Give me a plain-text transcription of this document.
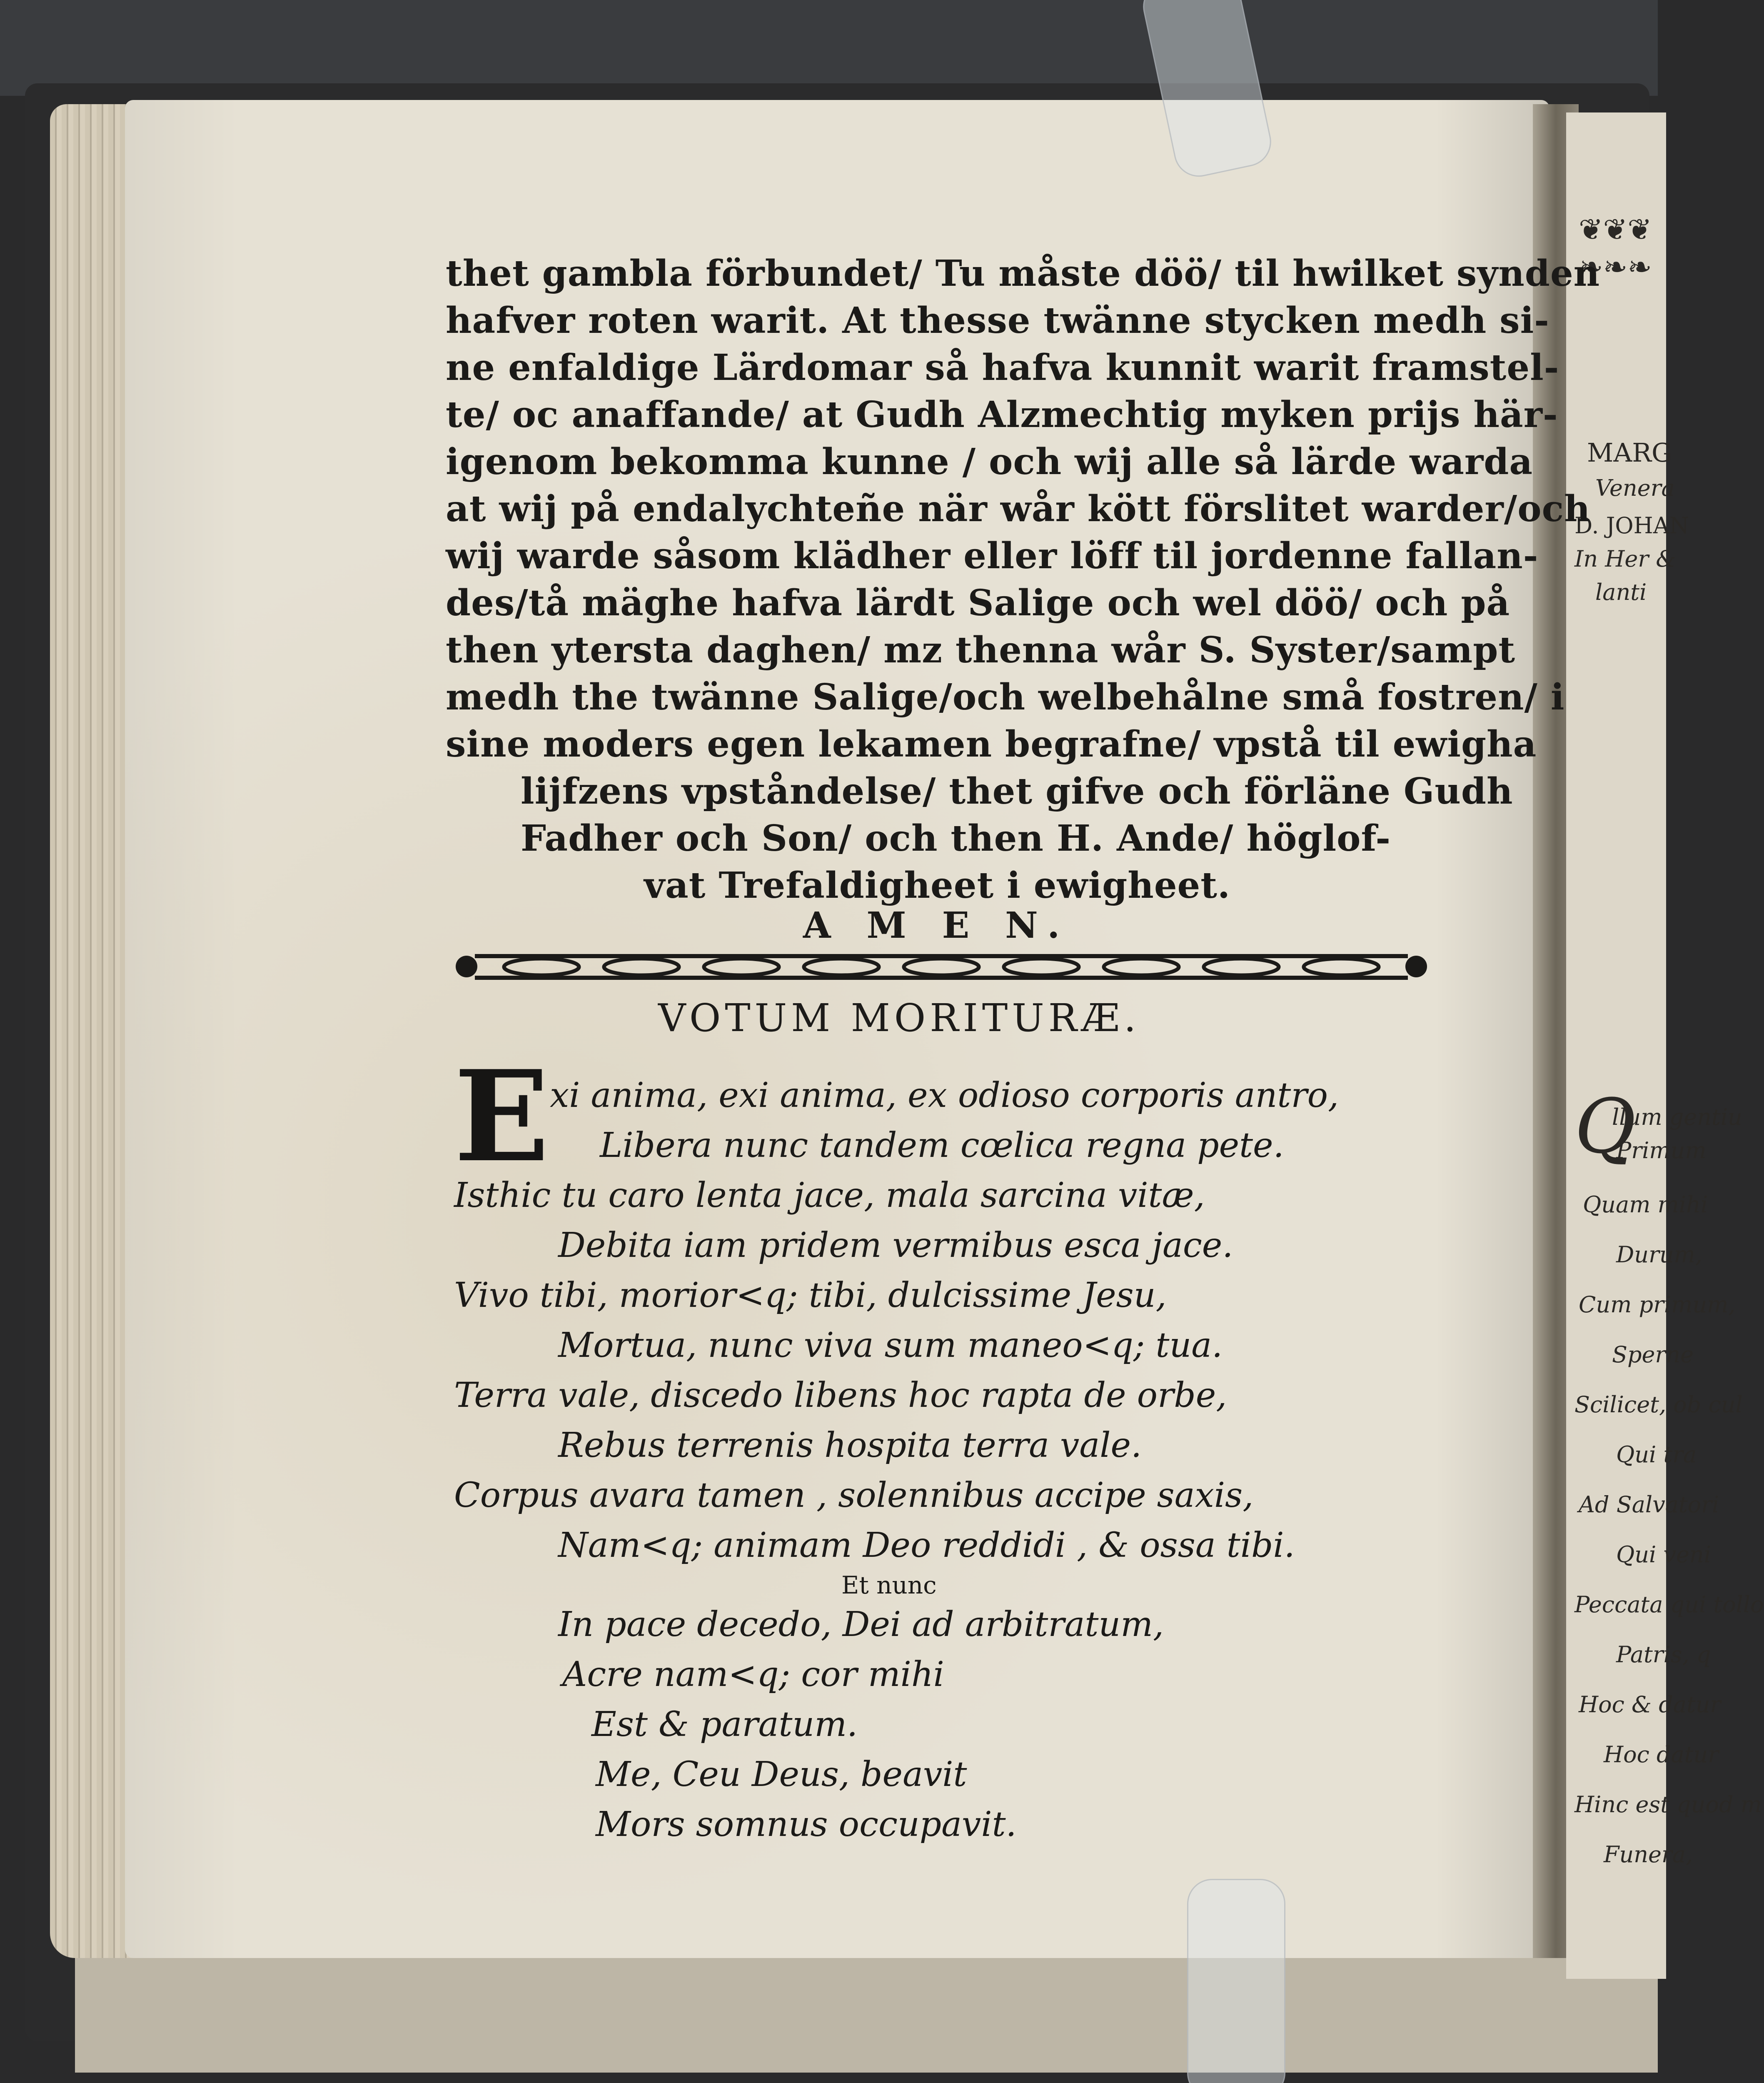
❦❦❦
❧❧❧
MARG
Venera
D. JOHAN
In Her &
lanti
Q
llum gentiu
Primum
Quam mihi
Durum,
Cum primum,
Sperne
Scilicet, ob cul
Qui tra
Ad Salvatori
Qui veni
Peccata qui tollo
Patris, q
Hoc & datur
Hoc datur
Hinc est quod m
Funera,
thet gambla förbundet/ Tu måste döö/ til hwilket synden
hafver roten warit. At thesse twänne stycken medh si-
ne enfaldige Lärdomar så hafva kunnit warit framstel-
te/ oc anaffande/ at Gudh Alzmechtig myken prijs här-
igenom bekomma kunne / och wij alle så lärde warda
at wij på endalychteñe när wår kött förslitet warder/och
wij warde såsom klädher eller löff til jordenne fallan-
des/tå mäghe hafva lärdt Salige och wel döö/ och på
then ytersta daghen/ mz thenna wår S. Syster/sampt
medh the twänne Salige/och welbehålne små fostren/ i
sine moders egen lekamen begrafne/ vpstå til ewigha
lijfzens vpståndelse/ thet gifve och förläne Gudh
Fadher och Son/ och then H. Ande/ höglof-
vat Trefaldigheet i ewigheet.
A M E N.
VOTUM MORITURÆ.
E xi anima, exi anima, ex odioso corporis antro,
Libera nunc tandem cœlica regna pete.
Isthic tu caro lenta jace, mala sarcina vitæ,
Debita iam pridem vermibus esca jace.
Vivo tibi, morior<q; tibi, dulcissime Jesu,
Mortua, nunc viva sum maneo<q; tua.
Terra vale, discedo libens hoc rapta de orbe,
Rebus terrenis hospita terra vale.
Corpus avara tamen , solennibus accipe saxis,
Nam<q; animam Deo reddidi , & ossa tibi.
Et nunc
In pace decedo, Dei ad arbitratum,
Acre nam<q; cor mihi
Est & paratum.
Me, Ceu Deus, beavit
Mors somnus occupavit.
